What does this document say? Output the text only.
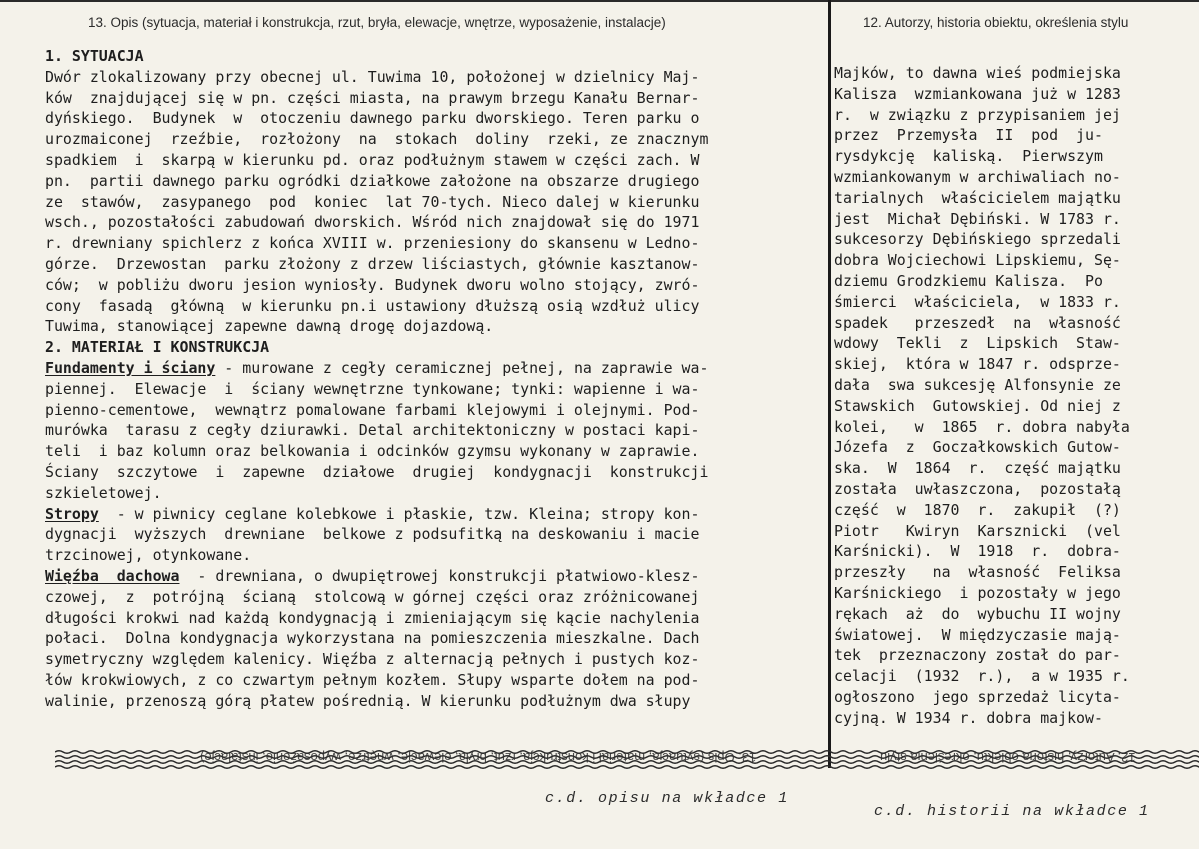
13. Opis (sytuacja, materiał i konstrukcja, rzut, bryła, elewacje, wnętrze, wyposażenie, instalacje)	12. Autorzy, historia obiektu, określenia stylu
1. SYTUACJA
Dwór zlokalizowany przy obecnej ul. Tuwima 10, położonej w dzielnicy Maj-
ków  znajdującej się w pn. części miasta, na prawym brzegu Kanału Bernar-
dyńskiego.  Budynek  w  otoczeniu dawnego parku dworskiego. Teren parku o
urozmaiconej  rzeźbie,  rozłożony  na  stokach  doliny  rzeki, ze znacznym
spadkiem  i  skarpą w kierunku pd. oraz podłużnym stawem w części zach. W
pn.  partii dawnego parku ogródki działkowe założone na obszarze drugiego
ze  stawów,  zasypanego  pod  koniec  lat 70-tych. Nieco dalej w kierunku
wsch., pozostałości zabudowań dworskich. Wśród nich znajdował się do 1971
r. drewniany spichlerz z końca XVIII w. przeniesiony do skansenu w Ledno-
górze.  Drzewostan  parku złożony z drzew liściastych, głównie kasztanow-
ców;  w pobliżu dworu jesion wyniosły. Budynek dworu wolno stojący, zwró-
cony  fasadą  główną  w kierunku pn.i ustawiony dłuższą osią wzdłuż ulicy
Tuwima, stanowiącej zapewne dawną drogę dojazdową.
2. MATERIAŁ I KONSTRUKCJA
Fundamenty i ściany - murowane z cegły ceramicznej pełnej, na zaprawie wa-
piennej.  Elewacje  i  ściany wewnętrzne tynkowane; tynki: wapienne i wa-
pienno-cementowe,  wewnątrz pomalowane farbami klejowymi i olejnymi. Pod-
murówka  tarasu z cegły dziurawki. Detal architektoniczny w postaci kapi-
teli  i baz kolumn oraz belkowania i odcinków gzymsu wykonany w zaprawie.
Ściany  szczytowe  i  zapewne  działowe  drugiej  kondygnacji  konstrukcji
szkieletowej.
Stropy  - w piwnicy ceglane kolebkowe i płaskie, tzw. Kleina; stropy kon-
dygnacji  wyższych  drewniane  belkowe z podsufitką na deskowaniu i macie
trzcinowej, otynkowane.
Więźba  dachowa  - drewniana, o dwupiętrowej konstrukcji płatwiowo-klesz-
czowej,  z  potrójną  ścianą  stolcową w górnej części oraz zróżnicowanej
długości krokwi nad każdą kondygnacją i zmieniającym się kącie nachylenia
połaci.  Dolna kondygnacja wykorzystana na pomieszczenia mieszkalne. Dach
symetryczny względem kalenicy. Więźba z alternacją pełnych i pustych koz-
łów krokwiowych, z co czwartym pełnym kozłem. Słupy wsparte dołem na pod-
walinie, przenoszą górą płatew pośrednią. W kierunku podłużnym dwa słupy
Majków, to dawna wieś podmiejska
Kalisza  wzmiankowana już w 1283
r.  w związku z przypisaniem jej
przez  Przemysła  II  pod  ju-
rysdykcję  kaliską.  Pierwszym
wzmiankowanym w archiwaliach no-
tarialnych  właścicielem majątku
jest  Michał Dębiński. W 1783 r.
sukcesorzy Dębińskiego sprzedali
dobra Wojciechowi Lipskiemu, Sę-
dziemu Grodzkiemu Kalisza.  Po
śmierci  właściciela,  w 1833 r.
spadek   przeszedł  na  własność
wdowy  Tekli  z  Lipskich  Staw-
skiej,  która w 1847 r. odsprze-
dała  swa sukcesję Alfonsynie ze
Stawskich  Gutowskiej. Od niej z
kolei,   w  1865  r. dobra nabyła
Józefa  z  Goczałkowskich Gutow-
ska.  W  1864  r.  część majątku
została  uwłaszczona,  pozostałą
część  w  1870  r.  zakupił  (?)
Piotr   Kwiryn  Karsznicki  (vel
Karśnicki).  W  1918  r.  dobra-
przeszły   na  własność  Feliksa
Karśnickiego  i pozostały w jego
rękach  aż  do  wybuchu II wojny
światowej.  W międzyczasie mają-
tek  przeznaczony został do par-
celacji  (1932  r.),  a w 1935 r.
ogłoszono  jego sprzedaż licyta-
cyjną. W 1934 r. dobra majkow-
13. Opis (sytuacja, materiał i konstrukcja, rzut, bryła, elewacje, wnętrze, wyposażenie, instalacje)	12. Autorzy, historia obiektu, określenia stylu
c.d. opisu na wkładce 1
c.d. historii na wkładce 1
